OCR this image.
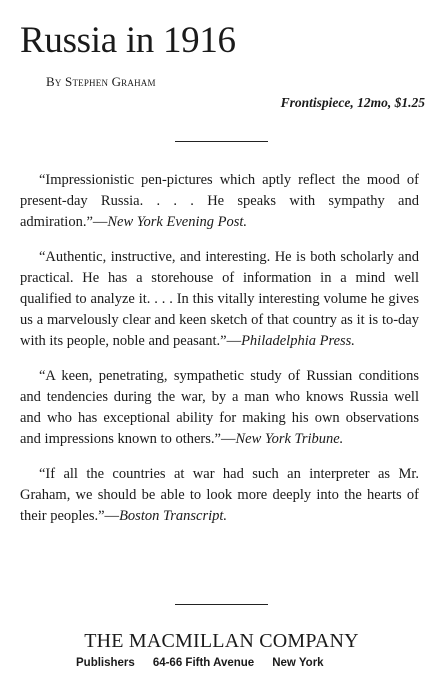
Russia in 1916
By Stephen Graham
Frontispiece, 12mo, $1.25

“Impressionistic pen-pictures which aptly reflect the mood of present-day Russia. . . . He speaks with sympathy and admiration.”—New York Evening Post.

“Authentic, instructive, and interesting. He is both scholarly and practical. He has a storehouse of information in a mind well qualified to analyze it. . . . In this vitally interesting volume he gives us a marvelously clear and keen sketch of that country as it is to-day with its people, noble and peasant.”—Philadelphia Press.

“A keen, penetrating, sympathetic study of Russian conditions and tendencies during the war, by a man who knows Russia well and who has exceptional ability for making his own observations and impressions known to others.”—New York Tribune.

“If all the countries at war had such an interpreter as Mr. Graham, we should be able to look more deeply into the hearts of their peoples.”—Boston Transcript.

THE MACMILLAN COMPANY
Publishers 64-66 Fifth Avenue New York
